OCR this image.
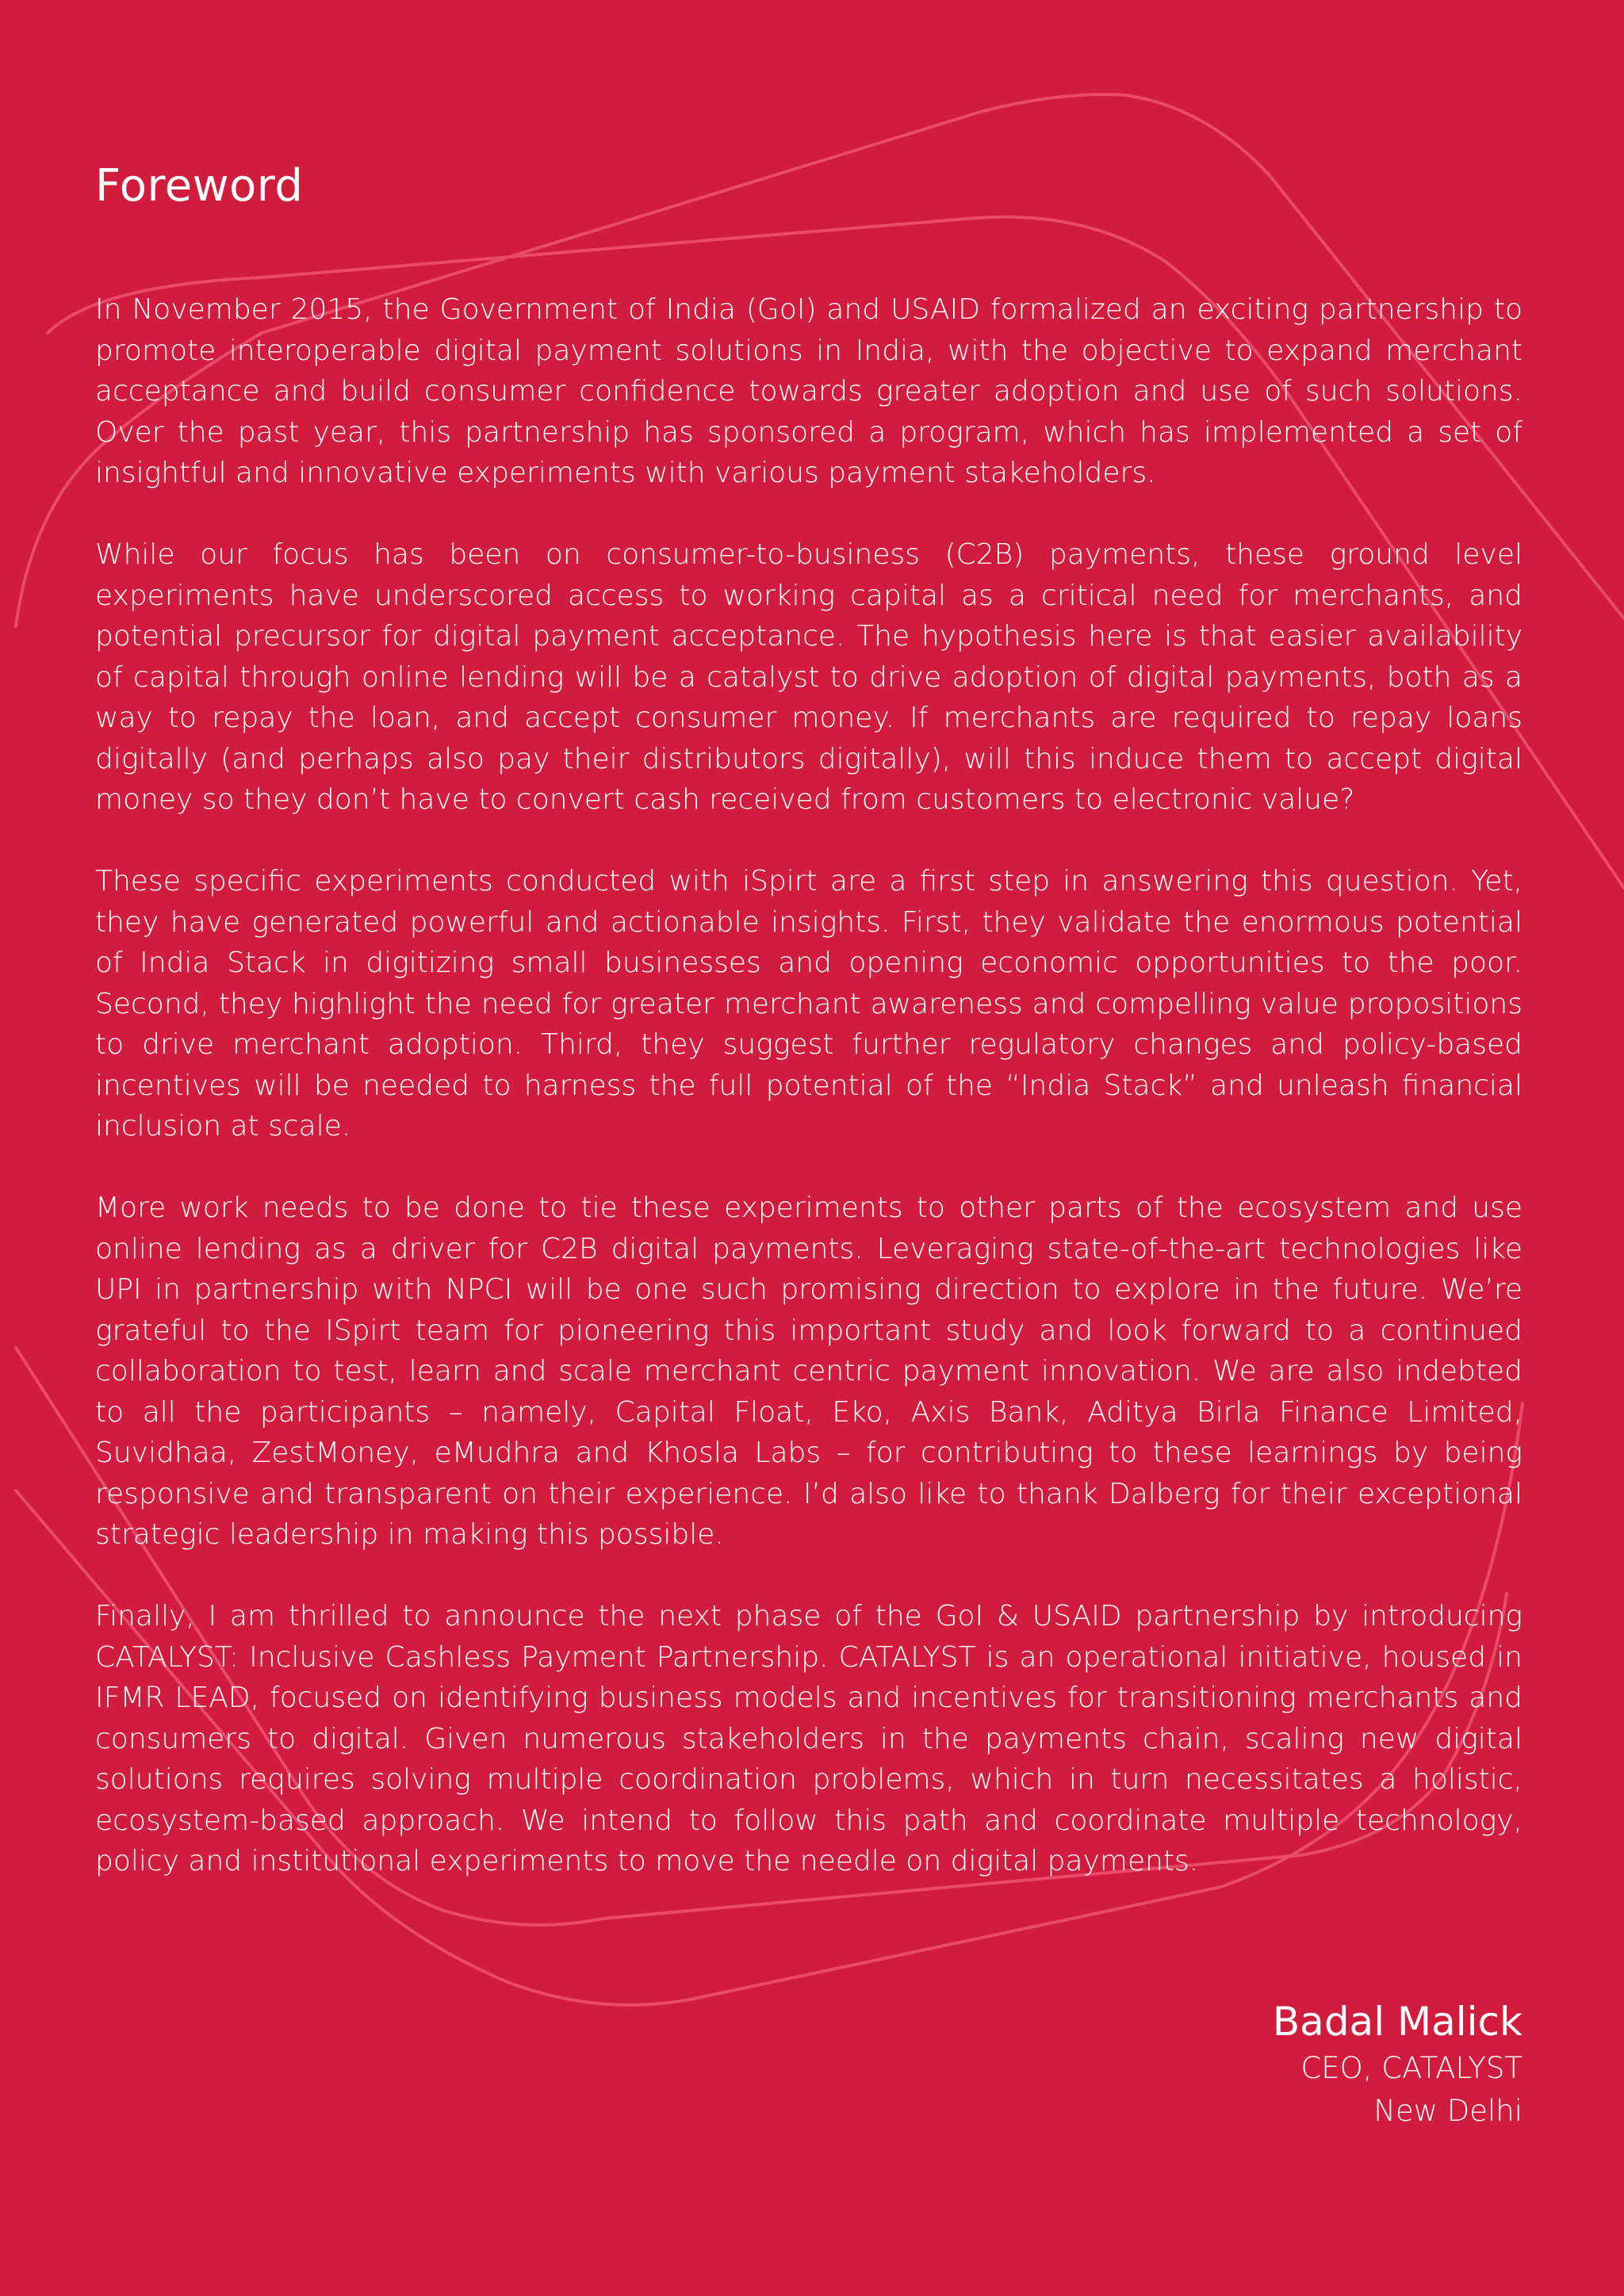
Foreword

In November 2015, the Government of India (GoI) and USAID formalized an exciting partnership to promote interoperable digital payment solutions in India, with the objective to expand merchant acceptance and build consumer confidence towards greater adoption and use of such solutions. Over the past year, this partnership has sponsored a program, which has implemented a set of insightful and innovative experiments with various payment stakeholders.

While our focus has been on consumer-to-business (C2B) payments, these ground level experiments have underscored access to working capital as a critical need for merchants, and potential precursor for digital payment acceptance. The hypothesis here is that easier availability of capital through online lending will be a catalyst to drive adoption of digital payments, both as a way to repay the loan, and accept consumer money. If merchants are required to repay loans digitally (and perhaps also pay their distributors digitally), will this induce them to accept digital money so they don’t have to convert cash received from customers to electronic value?

These specific experiments conducted with iSpirt are a first step in answering this question. Yet, they have generated powerful and actionable insights. First, they validate the enormous potential of India Stack in digitizing small businesses and opening economic opportunities to the poor. Second, they highlight the need for greater merchant awareness and compelling value propositions to drive merchant adoption. Third, they suggest further regulatory changes and policy-based incentives will be needed to harness the full potential of the “India Stack” and unleash financial inclusion at scale.

More work needs to be done to tie these experiments to other parts of the ecosystem and use online lending as a driver for C2B digital payments. Leveraging state-of-the-art technologies like UPI in partnership with NPCI will be one such promising direction to explore in the future. We’re grateful to the ISpirt team for pioneering this important study and look forward to a continued collaboration to test, learn and scale merchant centric payment innovation. We are also indebted to all the participants – namely, Capital Float, Eko, Axis Bank, Aditya Birla Finance Limited, Suvidhaa, ZestMoney, eMudhra and Khosla Labs – for contributing to these learnings by being responsive and transparent on their experience. I’d also like to thank Dalberg for their exceptional strategic leadership in making this possible.

Finally, I am thrilled to announce the next phase of the GoI & USAID partnership by introducing CATALYST: Inclusive Cashless Payment Partnership. CATALYST is an operational initiative, housed in IFMR LEAD, focused on identifying business models and incentives for transitioning merchants and consumers to digital. Given numerous stakeholders in the payments chain, scaling new digital solutions requires solving multiple coordination problems, which in turn necessitates a holistic, ecosystem-based approach. We intend to follow this path and coordinate multiple technology, policy and institutional experiments to move the needle on digital payments.

Badal Malick

CEO, CATALYST

New Delhi
